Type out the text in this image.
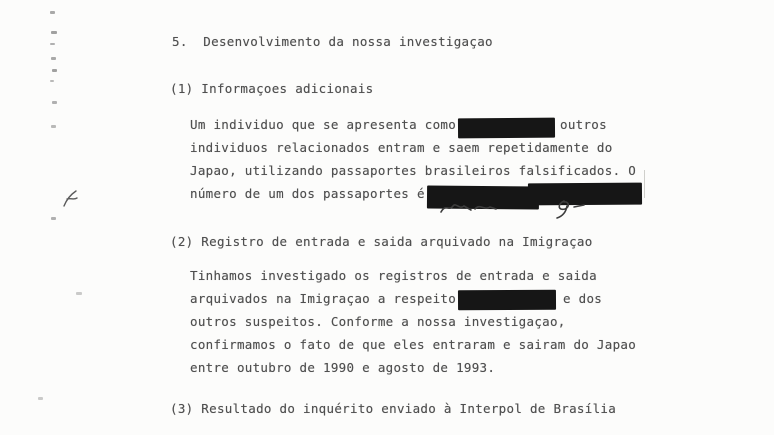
5.  Desenvolvimento da nossa investigaçao
(1) Informaçoes adicionais
Um individuo que se apresenta como	outros
individuos relacionados entram e saem repetidamente do
Japao, utilizando passaportes brasileiros falsificados. O
número de um dos passaportes é
(2) Registro de entrada e saida arquivado na Imigraçao
Tinhamos investigado os registros de entrada e saida
arquivados na Imigraçao a respeito	e dos
outros suspeitos. Conforme a nossa investigaçao,
confirmamos o fato de que eles entraram e sairam do Japao
entre outubro de 1990 e agosto de 1993.
(3) Resultado do inquérito enviado à Interpol de Brasília
